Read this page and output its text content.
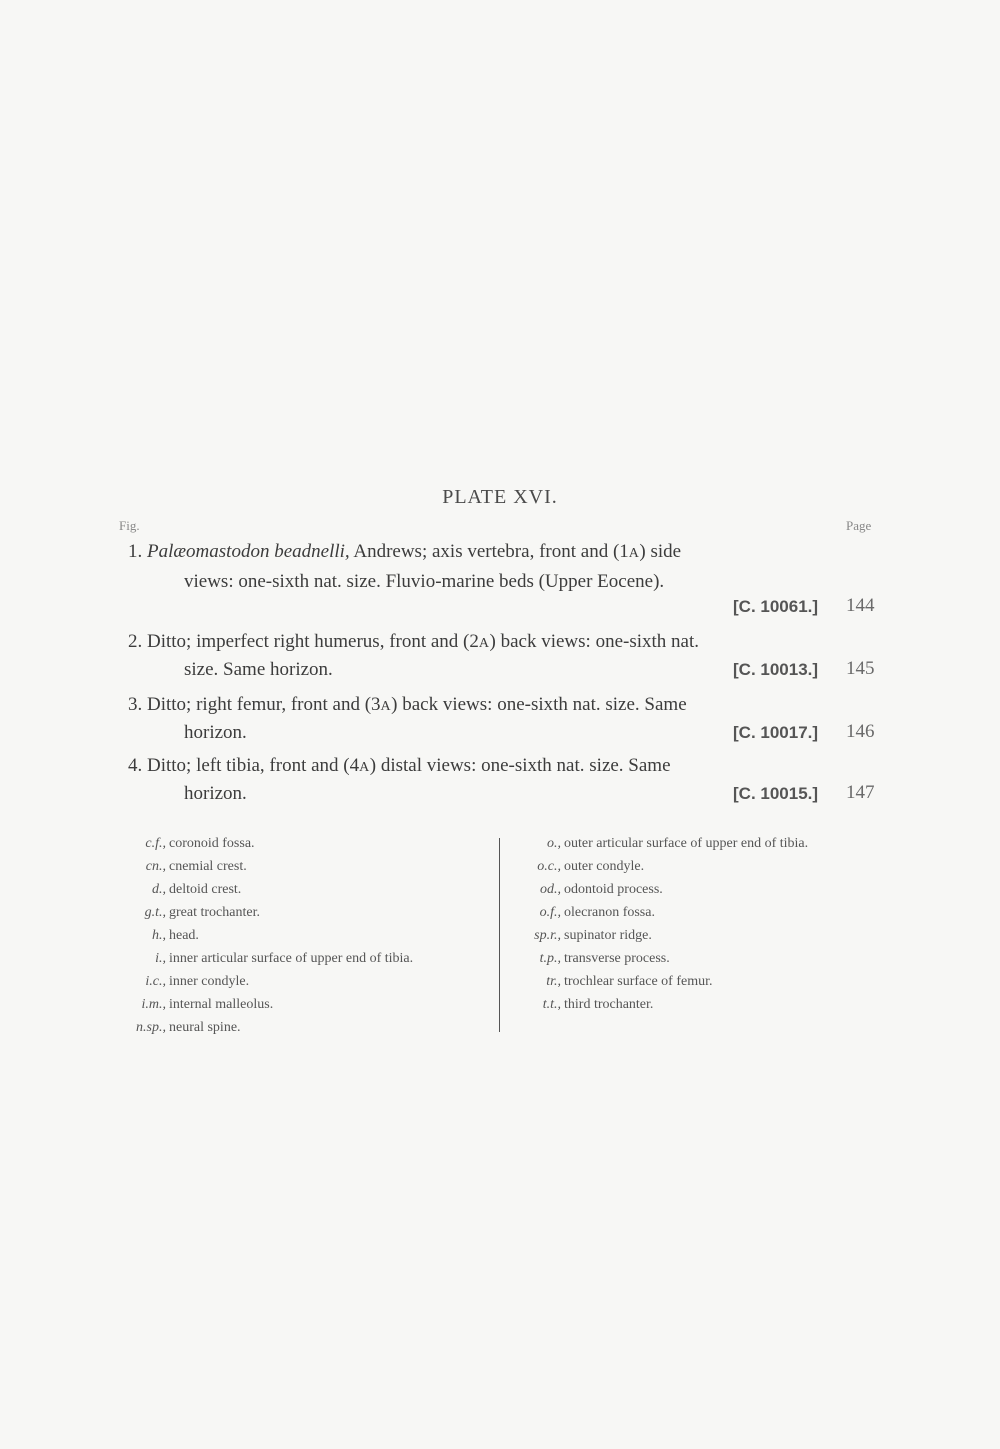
PLATE XVI.
Fig.	Page
1. Palæomastodon beadnelli, Andrews; axis vertebra, front and (1A) side
views: one-sixth nat. size. Fluvio-marine beds (Upper Eocene).
[C. 10061.] 144
2. Ditto; imperfect right humerus, front and (2A) back views: one-sixth nat.
size. Same horizon.	[C. 10013.] 145
3. Ditto; right femur, front and (3A) back views: one-sixth nat. size. Same
horizon.	[C. 10017.] 146
4. Ditto; left tibia, front and (4A) distal views: one-sixth nat. size. Same
horizon.	[C. 10015.] 147
c.f., coronoid fossa.
cn., cnemial crest.
d., deltoid crest.
g.t., great trochanter.
h., head.
i., inner articular surface of upper end of tibia.
i.c., inner condyle.
i.m., internal malleolus.
n.sp., neural spine.
o., outer articular surface of upper end of tibia.
o.c., outer condyle.
od., odontoid process.
o.f., olecranon fossa.
sp.r., supinator ridge.
t.p., transverse process.
tr., trochlear surface of femur.
t.t., third trochanter.
